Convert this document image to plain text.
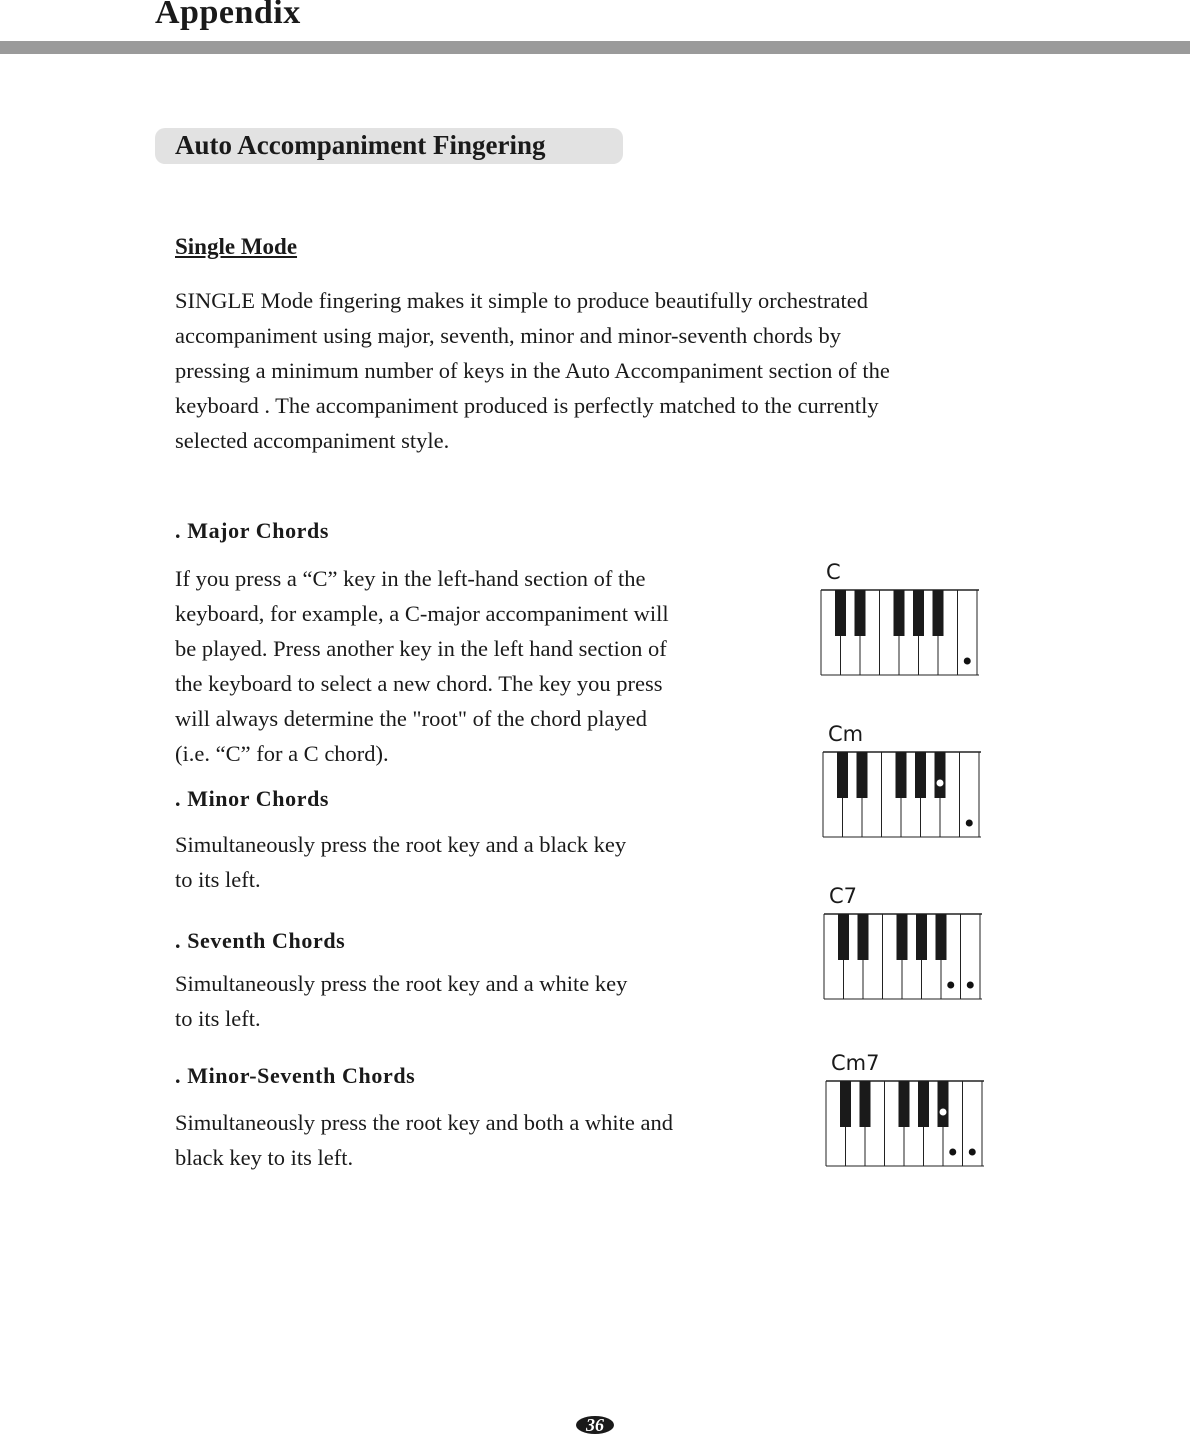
Appendix
Auto Accompaniment Fingering
Single Mode

SINGLE Mode fingering makes it simple to produce beautifully orchestrated

accompaniment using major, seventh, minor and minor-seventh chords by

pressing a minimum number of keys in the Auto Accompaniment section of the

keyboard . The accompaniment produced is perfectly matched to the currently

selected accompaniment style.

. Major Chords

If you press a “C” key in the left-hand section of the

keyboard, for example, a C-major accompaniment will

be played. Press another key in the left hand section of

the keyboard to select a new chord. The key you press

will always determine the "root" of the chord played

(i.e. “C” for a C chord).

. Minor Chords

Simultaneously press the root key and a black key

to its left.

. Seventh Chords

Simultaneously press the root key and a white key

to its left.

. Minor-Seventh Chords

Simultaneously press the root key and both a white and

black key to its left.

C
Cm
C7
Cm7
36
